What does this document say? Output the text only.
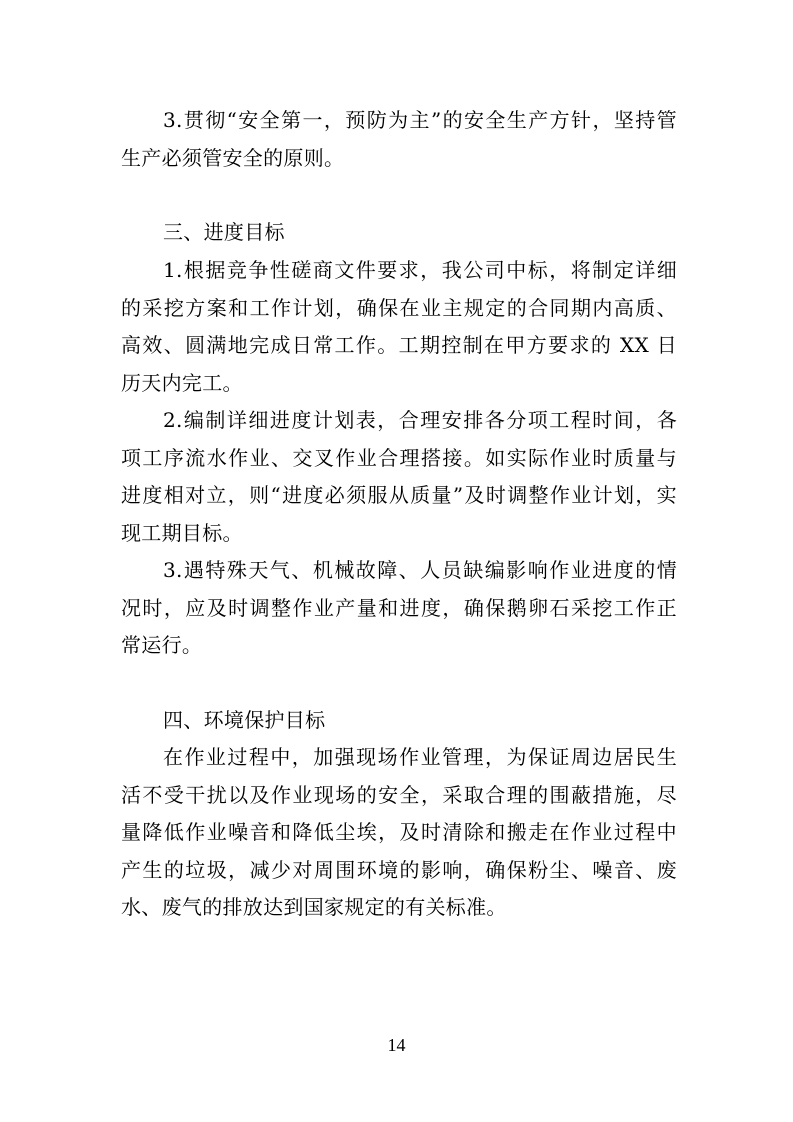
3.贯彻“安全第一，预防为主”的安全生产方针，坚持管
生产必须管安全的原则。
三、进度目标
1.根据竞争性磋商文件要求，我公司中标，将制定详细
的采挖方案和工作计划，确保在业主规定的合同期内高质、
高效、圆满地完成日常工作。工期控制在甲方要求的 XX 日
历天内完工。
2.编制详细进度计划表，合理安排各分项工程时间，各
项工序流水作业、交叉作业合理搭接。如实际作业时质量与
进度相对立，则“进度必须服从质量”及时调整作业计划，实
现工期目标。
3.遇特殊天气、机械故障、人员缺编影响作业进度的情
况时，应及时调整作业产量和进度，确保鹅卵石采挖工作正
常运行。
四、环境保护目标
在作业过程中，加强现场作业管理，为保证周边居民生
活不受干扰以及作业现场的安全，采取合理的围蔽措施，尽
量降低作业噪音和降低尘埃，及时清除和搬走在作业过程中
产生的垃圾，减少对周围环境的影响，确保粉尘、噪音、废
水、废气的排放达到国家规定的有关标准。
14
